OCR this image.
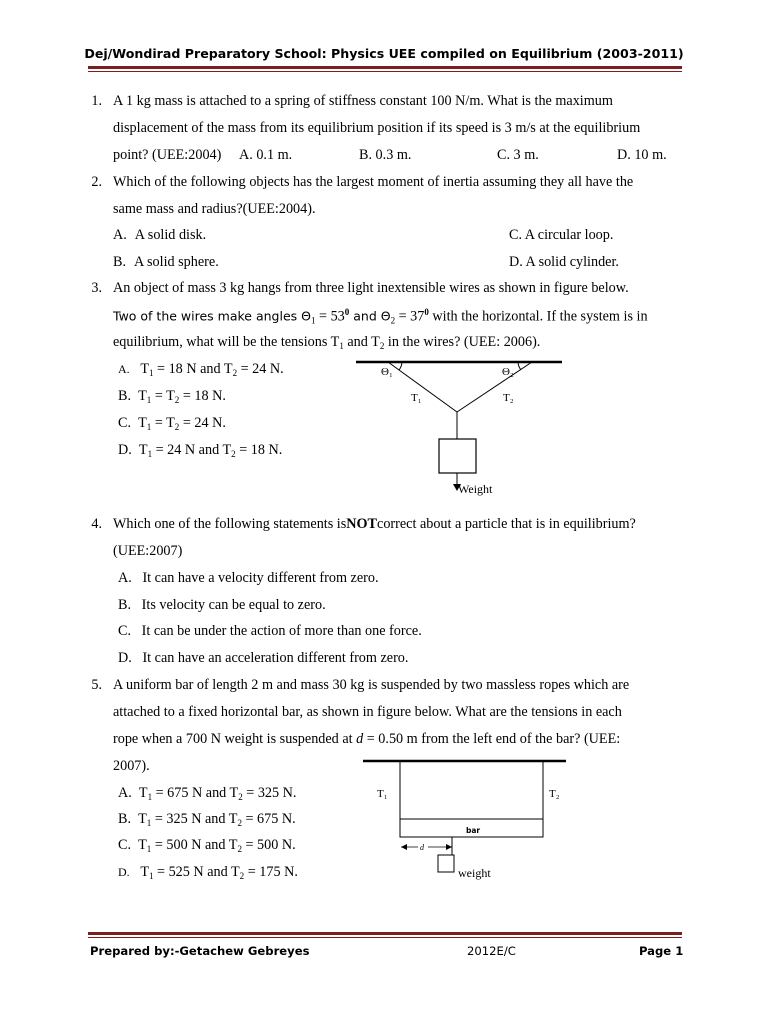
Dej/Wondirad Preparatory School: Physics UEE compiled on Equilibrium (2003-2011)
1. A 1 kg mass is attached to a spring of stiffness constant 100 N/m. What is the maximum
displacement of the mass from its equilibrium position if its speed is 3 m/s at the equilibrium
point? (UEE:2004) A. 0.1 m.	B. 0.3 m.	C. 3 m.	D. 10 m.
2. Which of the following objects has the largest moment of inertia assuming they all have the
same mass and radius?(UEE:2004).
A. A solid disk.
B. A solid sphere.
C. A circular loop.
D. A solid cylinder.
3. An object of mass 3 kg hangs from three light inextensible wires as shown in figure below.
Two of the wires make angles $\Theta_1 = 53^0$ and $\Theta_2 = 37^0$ with the horizontal. If the system is in
equilibrium, what will be the tensions $T_1$ and $T_2$ in the wires? (UEE: 2006).
A. $T_1 = 18$ N and $T_2 = 24$ N.
B. $T_1 = T_2 = 18$ N.
C. $T_1 = T_2 = 24$ N.
D. $T_1 = 24$ N and $T_2 = 18$ N.
Θ₁	Θ₂
T₁	T₂
Weight
4. Which one of the following statements isNOTcorrect about a particle that is in equilibrium?
(UEE:2007)
A. It can have a velocity different from zero.
B. Its velocity can be equal to zero.
C. It can be under the action of more than one force.
D. It can have an acceleration different from zero.
5. A uniform bar of length 2 m and mass 30 kg is suspended by two massless ropes which are
attached to a fixed horizontal bar, as shown in figure below. What are the tensions in each
rope when a 700 N weight is suspended at d = 0.50 m from the left end of the bar? (UEE:
2007).
A. $T_1 = 675$ N and $T_2 = 325$ N.
B. $T_1 = 325$ N and $T_2 = 675$ N.
C. $T_1 = 500$ N and $T_2 = 500$ N.
D. $T_1 = 525$ N and $T_2 = 175$ N.
T₁	T₂
bar
d
weight
Prepared by:-Getachew Gebreyes	2012E/C	Page 1
